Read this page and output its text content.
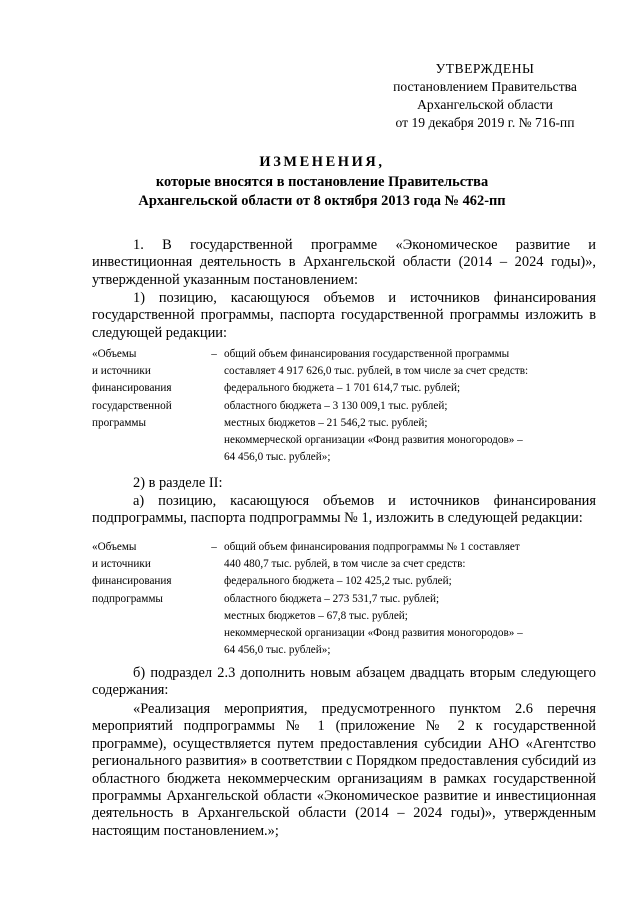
УТВЕРЖДЕНЫ
постановлением Правительства
Архангельской области
от 19 декабря 2019 г. № 716-пп
ИЗМЕНЕНИЯ,
которые вносятся в постановление Правительства
Архангельской области от 8 октября 2013 года № 462-пп

1. В государственной программе «Экономическое развитие и инвестиционная деятельность в Архангельской области (2014 – 2024 годы)», утвержденной указанным постановлением:

1) позицию, касающуюся объемов и источников финансирования государственной программы, паспорта государственной программы изложить в следующей редакции:

«Объемы
и источники
финансирования
государственной
программы
	–	общий объем финансирования государственной программы
составляет 4 917 626,0 тыс. рублей, в том числе за счет средств:
федерального бюджета – 1 701 614,7 тыс. рублей;
областного бюджета – 3 130 009,1 тыс. рублей;
местных бюджетов – 21 546,2 тыс. рублей;
некоммерческой организации «Фонд развития моногородов» –
64 456,0 тыс. рублей»;

2) в разделе II:

а) позицию, касающуюся объемов и источников финансирования подпрограммы, паспорта подпрограммы № 1, изложить в следующей редакции:

«Объемы
и источники
финансирования
подпрограммы
	–	общий объем финансирования подпрограммы № 1 составляет
440 480,7 тыс. рублей, в том числе за счет средств:
федерального бюджета – 102 425,2 тыс. рублей;
областного бюджета – 273 531,7 тыс. рублей;
местных бюджетов – 67,8 тыс. рублей;
некоммерческой организации «Фонд развития моногородов» –
64 456,0 тыс. рублей»;

б) подраздел 2.3 дополнить новым абзацем двадцать вторым следующего содержания:

«Реализация мероприятия, предусмотренного пунктом 2.6 перечня мероприятий подпрограммы № 1 (приложение № 2 к государственной программе), осуществляется путем предоставления субсидии АНО «Агентство регионального развития» в соответствии с Порядком предоставления субсидий из областного бюджета некоммерческим организациям в рамках государственной программы Архангельской области «Экономическое развитие и инвестиционная деятельность в Архангельской области (2014 – 2024 годы)», утвержденным настоящим постановлением.»;
